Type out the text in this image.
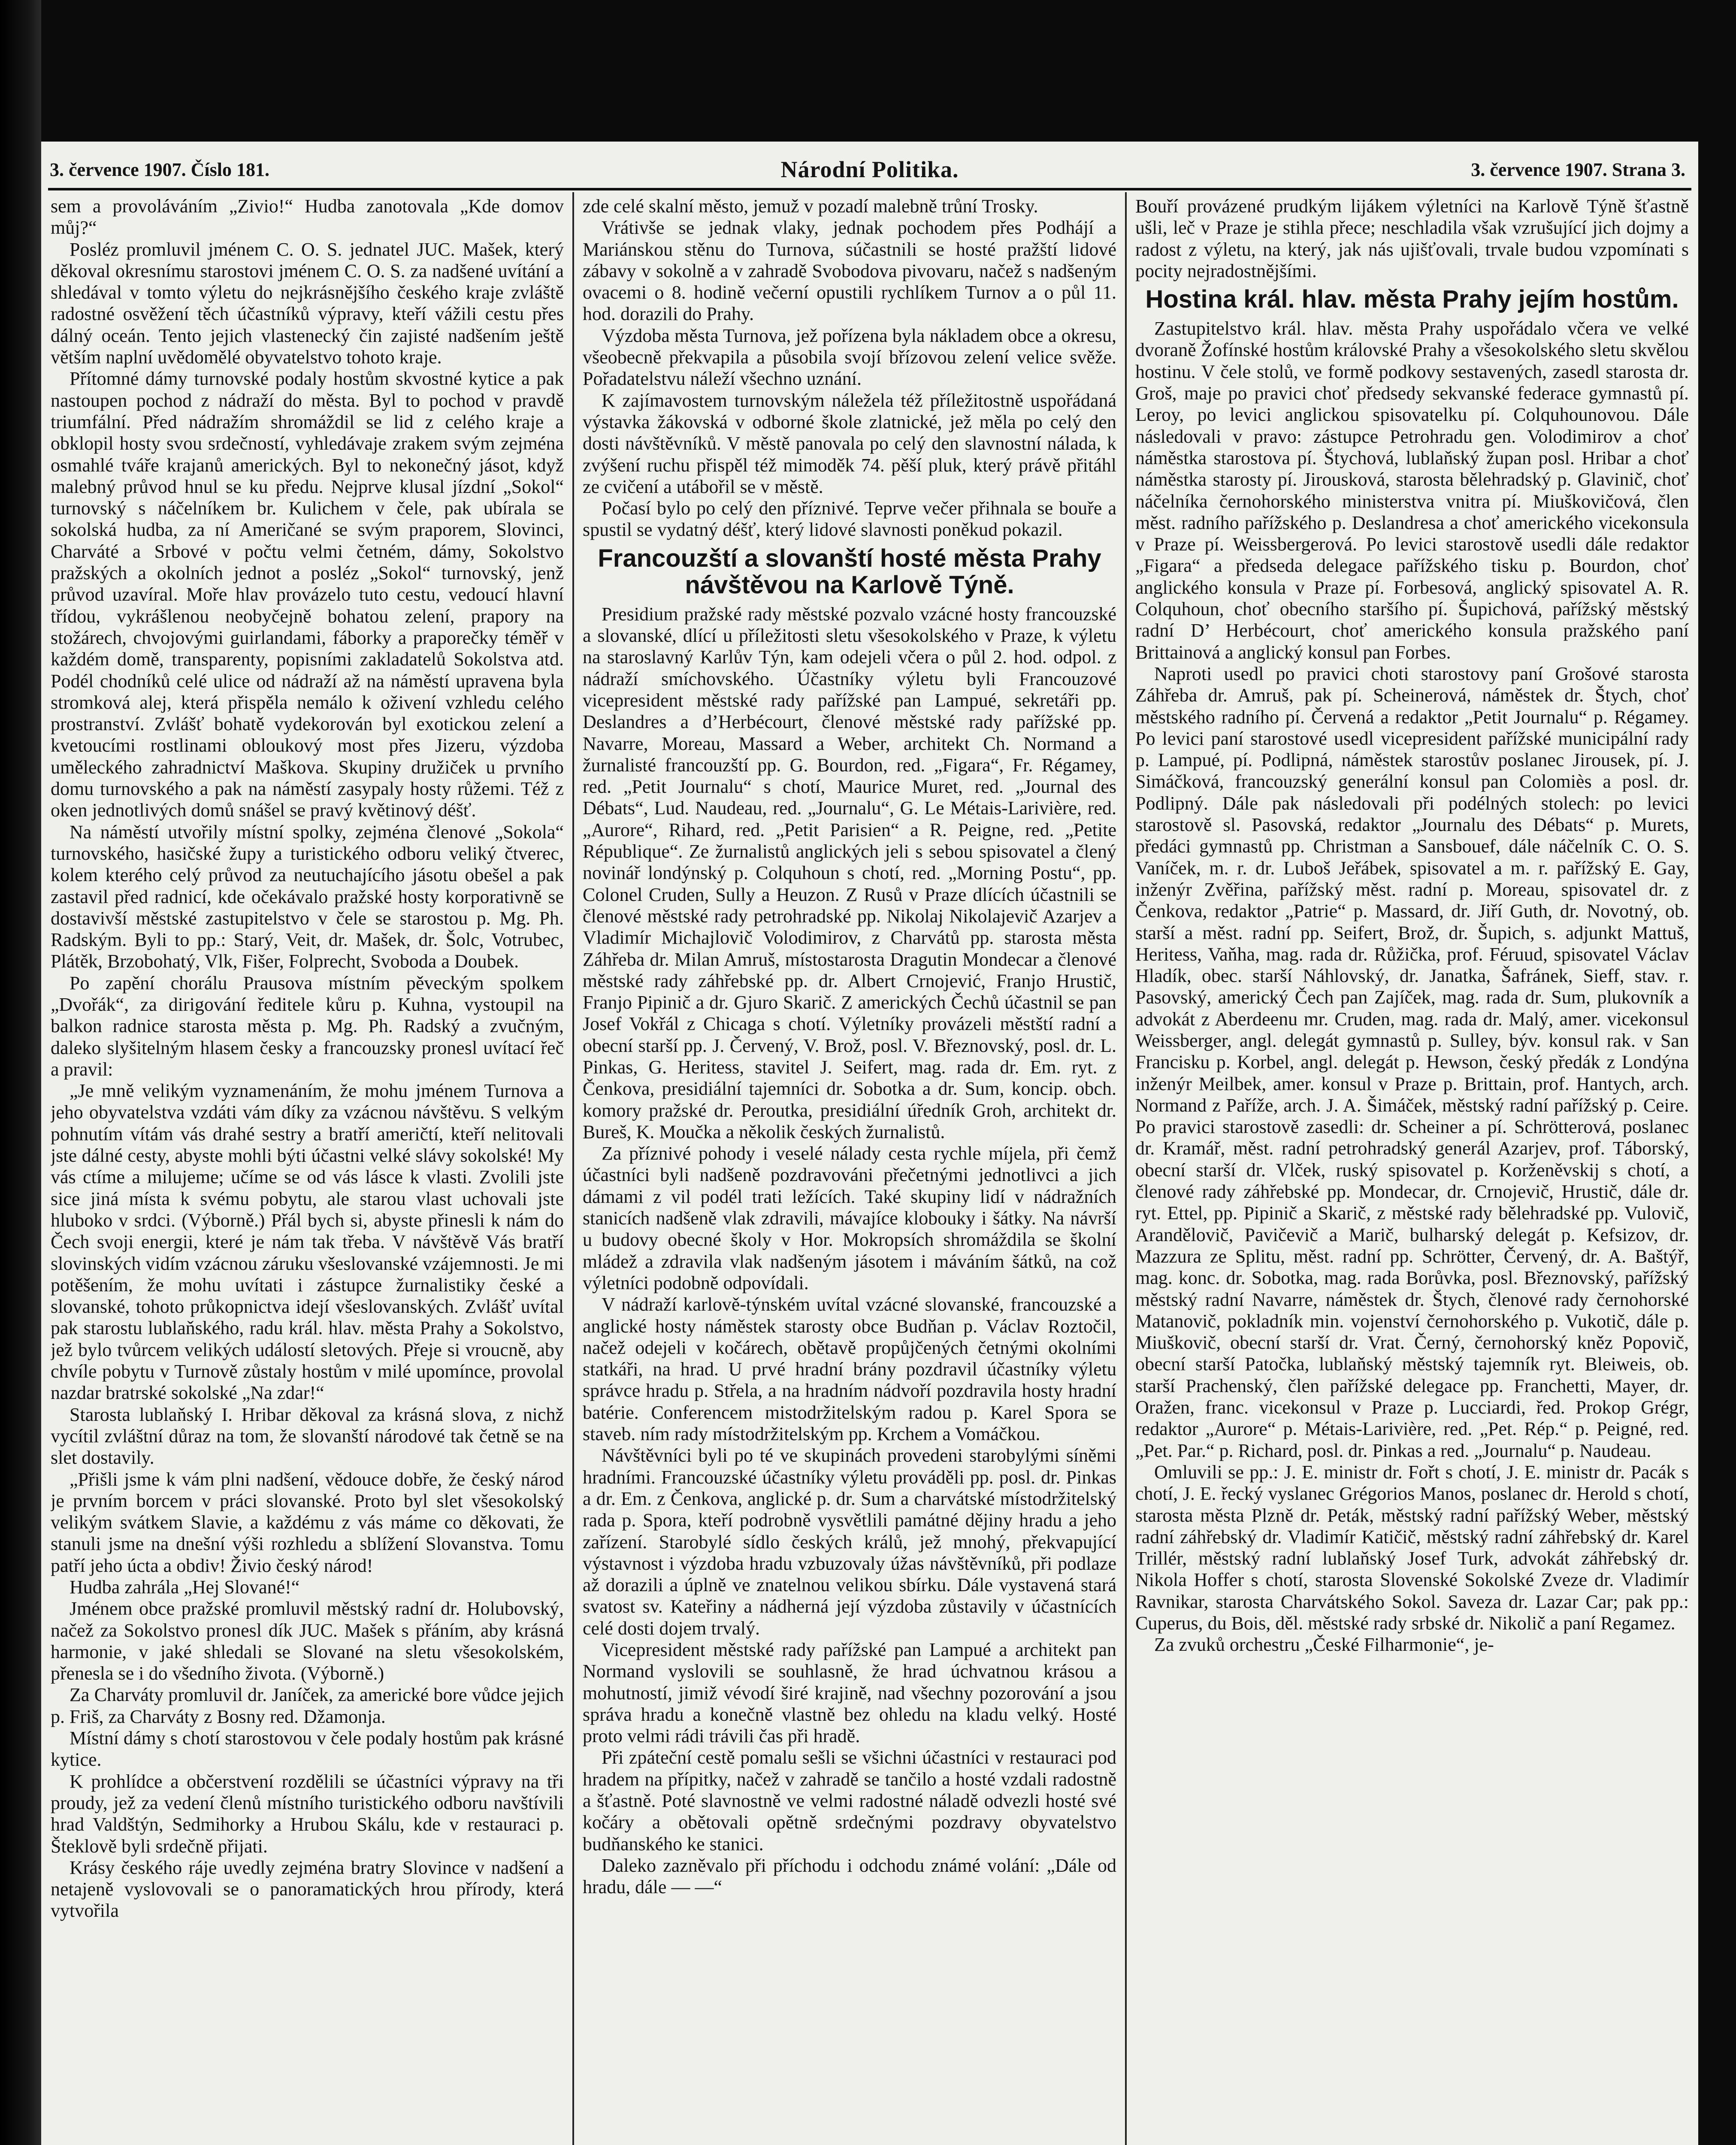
3. července 1907. Číslo 181.	Národní Politika.	3. července 1907. Strana 3.

sem a provoláváním „Zivio!“ Hudba zanotovala „Kde domov můj?“

Posléz promluvil jménem C. O. S. jednatel JUC. Mašek, který děkoval okresnímu starostovi jménem C. O. S. za nadšené uvítání a shledával v tomto výletu do nejkrásnějšího českého kraje zvláště radostné osvěžení těch účastníků výpravy, kteří vážili cestu přes dálný oceán. Tento jejich vlastenecký čin zajisté nadšením ještě větším naplní uvědomělé obyvatelstvo tohoto kraje.

Přítomné dámy turnovské podaly hostům skvostné kytice a pak nastoupen pochod z nádraží do města. Byl to pochod v pravdě triumfální. Před nádražím shromáždil se lid z celého kraje a obklopil hosty svou srdečností, vyhledávaje zrakem svým zejména osmahlé tváře krajanů amerických. Byl to nekonečný jásot, když malebný průvod hnul se ku předu. Nejprve klusal jízdní „Sokol“ turnovský s náčelníkem br. Kulichem v čele, pak ubírala se sokolská hudba, za ní Američané se svým praporem, Slovinci, Charváté a Srbové v počtu velmi četném, dámy, Sokolstvo pražských a okolních jednot a posléz „Sokol“ turnovský, jenž průvod uzavíral. Moře hlav provázelo tuto cestu, vedoucí hlavní třídou, vykrášlenou neobyčejně bohatou zelení, prapory na stožárech, chvojovými guirlandami, fáborky a praporečky téměř v každém domě, transparenty, popisními zakladatelů Sokolstva atd. Podél chodníků celé ulice od nádraží až na náměstí upravena byla stromková alej, která přispěla nemálo k oživení vzhledu celého prostranství. Zvlášť bohatě vydekorován byl exotickou zelení a kvetoucími rostlinami obloukový most přes Jizeru, výzdoba uměleckého zahradnictví Maškova. Skupiny družiček u prvního domu turnovského a pak na náměstí zasypaly hosty růžemi. Též z oken jednotlivých domů snášel se pravý květinový déšť.

Na náměstí utvořily místní spolky, zejména členové „Sokola“ turnovského, hasičské župy a turistického odboru veliký čtverec, kolem kterého celý průvod za neutuchajícího jásotu obešel a pak zastavil před radnicí, kde očekávalo pražské hosty korporativně se dostavivší městské zastupitelstvo v čele se starostou p. Mg. Ph. Radským. Byli to pp.: Starý, Veit, dr. Mašek, dr. Šolc, Votrubec, Plátěk, Brzobohatý, Vlk, Fišer, Folprecht, Svoboda a Doubek.

Po zapění chorálu Prausova místním pěveckým spolkem „Dvořák“, za dirigování ředitele kůru p. Kuhna, vystoupil na balkon radnice starosta města p. Mg. Ph. Radský a zvučným, daleko slyšitelným hlasem česky a francouzsky pronesl uvítací řeč a pravil:

„Je mně velikým vyznamenáním, že mohu jménem Turnova a jeho obyvatelstva vzdáti vám díky za vzácnou návštěvu. S velkým pohnutím vítám vás drahé sestry a bratří američtí, kteří nelitovali jste dálné cesty, abyste mohli býti účastni velké slávy sokolské! My vás ctíme a milujeme; učíme se od vás lásce k vlasti. Zvolili jste sice jiná místa k svému pobytu, ale starou vlast uchovali jste hluboko v srdci. (Výborně.) Přál bych si, abyste přinesli k nám do Čech svoji energii, které je nám tak třeba. V návštěvě Vás bratří slovinských vidím vzácnou záruku všeslovanské vzájemnosti. Je mi potěšením, že mohu uvítati i zástupce žurnalistiky české a slovanské, tohoto průkopnictva idejí všeslovanských. Zvlášť uvítal pak starostu lublaňského, radu král. hlav. města Prahy a Sokolstvo, jež bylo tvůrcem velikých událostí sletových. Přeje si vroucně, aby chvíle pobytu v Turnově zůstaly hostům v milé upomínce, provolal nazdar bratrské sokolské „Na zdar!“

Starosta lublaňský I. Hribar děkoval za krásná slova, z nichž vycítil zvláštní důraz na tom, že slovanští národové tak četně se na slet dostavily.

„Přišli jsme k vám plni nadšení, vědouce dobře, že český národ je prvním borcem v práci slovanské. Proto byl slet všesokolský velikým svátkem Slavie, a každému z vás máme co děkovati, že stanuli jsme na dnešní výši rozhledu a sblížení Slovanstva. Tomu patří jeho úcta a obdiv! Živio český národ!

Hudba zahrála „Hej Slované!“

Jménem obce pražské promluvil městský radní dr. Holubovský, načež za Sokolstvo pronesl dík JUC. Mašek s přáním, aby krásná harmonie, v jaké shledali se Slované na sletu všesokolském, přenesla se i do všedního života. (Výborně.)

Za Charváty promluvil dr. Janíček, za americké bore vůdce jejich p. Friš, za Charváty z Bosny red. Džamonja.

Místní dámy s chotí starostovou v čele podaly hostům pak krásné kytice.

K prohlídce a občerstvení rozdělili se účastníci výpravy na tři proudy, jež za vedení členů místního turistického odboru navštívili hrad Valdštýn, Sedmihorky a Hrubou Skálu, kde v restauraci p. Šteklově byli srdečně přijati.

Krásy českého ráje uvedly zejména bratry Slovince v nadšení a netajeně vyslovovali se o panoramatických hrou přírody, která vytvořila

zde celé skalní město, jemuž v pozadí malebně trůní Trosky.

Vrátivše se jednak vlaky, jednak pochodem přes Podhájí a Mariánskou stěnu do Turnova, súčastnili se hosté pražští lidové zábavy v sokolně a v zahradě Svobodova pivovaru, načež s nadšeným ovacemi o 8. hodině večerní opustili rychlíkem Turnov a o půl 11. hod. dorazili do Prahy.

Výzdoba města Turnova, jež pořízena byla nákladem obce a okresu, všeobecně překvapila a působila svojí břízovou zelení velice svěže. Pořadatelstvu náleží všechno uznání.

K zajímavostem turnovským náležela též příležitostně uspořádaná výstavka žákovská v odborné škole zlatnické, jež měla po celý den dosti návštěvníků. V městě panovala po celý den slavnostní nálada, k zvýšení ruchu přispěl též mimoděk 74. pěší pluk, který právě přitáhl ze cvičení a utábořil se v městě.

Počasí bylo po celý den příznivé. Teprve večer přihnala se bouře a spustil se vydatný déšť, který lidové slavnosti poněkud pokazil.

Francouzští a slovanští hosté města Prahy návštěvou na Karlově Týně.

Presidium pražské rady městské pozvalo vzácné hosty francouzské a slovanské, dlící u příležitosti sletu všesokolského v Praze, k výletu na staroslavný Karlův Týn, kam odejeli včera o půl 2. hod. odpol. z nádraží smíchovského. Účastníky výletu byli Francouzové vicepresident městské rady pařížské pan Lampué, sekretáři pp. Deslandres a d’Herbécourt, členové městské rady pařížské pp. Navarre, Moreau, Massard a Weber, architekt Ch. Normand a žurnalisté francouzští pp. G. Bourdon, red. „Figara“, Fr. Régamey, red. „Petit Journalu“ s chotí, Maurice Muret, red. „Journal des Débats“, Lud. Naudeau, red. „Journalu“, G. Le Métais-Larivière, red. „Aurore“, Rihard, red. „Petit Parisien“ a R. Peigne, red. „Petite République“. Ze žurnalistů anglických jeli s sebou spisovatel a člený novinář londýnský p. Colquhoun s chotí, red. „Morning Postu“, pp. Colonel Cruden, Sully a Heuzon. Z Rusů v Praze dlících účastnili se členové městské rady petrohradské pp. Nikolaj Nikolajevič Azarjev a Vladimír Michajlovič Volodimirov, z Charvátů pp. starosta města Záhřeba dr. Milan Amruš, místostarosta Dragutin Mondecar a členové městské rady záhřebské pp. dr. Albert Crnojević, Franjo Hrustič, Franjo Pipinič a dr. Gjuro Skarič. Z amerických Čechů účastnil se pan Josef Vokřál z Chicaga s chotí. Výletníky provázeli městští radní a obecní starší pp. J. Červený, V. Brož, posl. V. Březnovský, posl. dr. L. Pinkas, G. Heritess, stavitel J. Seifert, mag. rada dr. Em. ryt. z Čenkova, presidiální tajemníci dr. Sobotka a dr. Sum, koncip. obch. komory pražské dr. Peroutka, presidiální úředník Groh, architekt dr. Bureš, K. Moučka a několik českých žurnalistů.

Za příznivé pohody i veselé nálady cesta rychle míjela, při čemž účastníci byli nadšeně pozdravováni přečetnými jednotlivci a jich dámami z vil podél trati ležících. Také skupiny lidí v nádražních stanicích nadšeně vlak zdravili, mávajíce klobouky i šátky. Na návrší u budovy obecné školy v Hor. Mokropsích shromáždila se školní mládež a zdravila vlak nadšeným jásotem i máváním šátků, na což výletníci podobně odpovídali.

V nádraží karlově-týnském uvítal vzácné slovanské, francouzské a anglické hosty náměstek starosty obce Budňan p. Václav Roztočil, načež odejeli v kočárech, obětavě propůjčených četnými okolními statkáři, na hrad. U prvé hradní brány pozdravil účastníky výletu správce hradu p. Střela, a na hradním nádvoří pozdravila hosty hradní batérie. Conferencem mistodržitelským radou p. Karel Spora se staveb. ním rady místodržitelským pp. Krchem a Vomáčkou.

Návštěvníci byli po té ve skupinách provedeni starobylými síněmi hradními. Francouzské účastníky výletu prováděli pp. posl. dr. Pinkas a dr. Em. z Čenkova, anglické p. dr. Sum a charvátské místodržitelský rada p. Spora, kteří podrobně vysvětlili památné dějiny hradu a jeho zařízení. Starobylé sídlo českých králů, jež mnohý, překvapující výstavnost i výzdoba hradu vzbuzovaly úžas návštěvníků, při podlaze až dorazili a úplně ve znatelnou velikou sbírku. Dále vystavená stará svatost sv. Kateřiny a nádherná její výzdoba zůstavily v účastnících celé dosti dojem trvalý.

Vicepresident městské rady pařížské pan Lampué a architekt pan Normand vyslovili se souhlasně, že hrad úchvatnou krásou a mohutností, jimiž vévodí širé krajině, nad všechny pozorování a jsou správa hradu a konečně vlastně bez ohledu na kladu velký. Hosté proto velmi rádi trávili čas při hradě.

Při zpáteční cestě pomalu sešli se všichni účastníci v restauraci pod hradem na přípitky, načež v zahradě se tančilo a hosté vzdali radostně a šťastně. Poté slavnostně ve velmi radostné náladě odvezli hosté své kočáry a obětovali opětně srdečnými pozdravy obyvatelstvo budňanského ke stanici.

Daleko zazněvalo při příchodu i odchodu známé volání: „Dále od hradu, dále — —“

Bouří provázené prudkým lijákem výletníci na Karlově Týně šťastně ušli, leč v Praze je stihla přece; neschladila však vzrušující jich dojmy a radost z výletu, na který, jak nás ujišťovali, trvale budou vzpomínati s pocity nejradostnějšími.

Hostina král. hlav. města Prahy jejím hostům.

Zastupitelstvo král. hlav. města Prahy uspořádalo včera ve velké dvoraně Žofínské hostům královské Prahy a všesokolského sletu skvělou hostinu. V čele stolů, ve formě podkovy sestavených, zasedl starosta dr. Groš, maje po pravici choť předsedy sekvanské federace gymnastů pí. Leroy, po levici anglickou spisovatelku pí. Colquhounovou. Dále následovali v pravo: zástupce Petrohradu gen. Volodimirov a choť náměstka starostova pí. Štychová, lublaňský župan posl. Hribar a choť náměstka starosty pí. Jirousková, starosta bělehradský p. Glavinič, choť náčelníka černohorského ministerstva vnitra pí. Miuškovičová, člen měst. radního pařížského p. Deslandresa a choť amerického vicekonsula v Praze pí. Weissbergerová. Po levici starostově usedli dále redaktor „Figara“ a předseda delegace pařížského tisku p. Bourdon, choť anglického konsula v Praze pí. Forbesová, anglický spisovatel A. R. Colquhoun, choť obecního staršího pí. Šupichová, pařížský městský radní D’ Herbécourt, choť amerického konsula pražského paní Brittainová a anglický konsul pan Forbes.

Naproti usedl po pravici choti starostovy paní Grošové starosta Záhřeba dr. Amruš, pak pí. Scheinerová, náměstek dr. Štych, choť městského radního pí. Červená a redaktor „Petit Journalu“ p. Régamey. Po levici paní starostové usedl vicepresident pařížské municipální rady p. Lampué, pí. Podlipná, náměstek starostův poslanec Jirousek, pí. J. Simáčková, francouzský generální konsul pan Colomiès a posl. dr. Podlipný. Dále pak následovali při podélných stolech: po levici starostově sl. Pasovská, redaktor „Journalu des Débats“ p. Murets, předáci gymnastů pp. Christman a Sansbouef, dále náčelník C. O. S. Vaníček, m. r. dr. Luboš Jeřábek, spisovatel a m. r. pařížský E. Gay, inženýr Zvěřina, pařížský měst. radní p. Moreau, spisovatel dr. z Čenkova, redaktor „Patrie“ p. Massard, dr. Jiří Guth, dr. Novotný, ob. starší a měst. radní pp. Seifert, Brož, dr. Šupich, s. adjunkt Mattuš, Heritess, Vaňha, mag. rada dr. Růžička, prof. Féruud, spisovatel Václav Hladík, obec. starší Náhlovský, dr. Janatka, Šafránek, Sieff, stav. r. Pasovský, americký Čech pan Zajíček, mag. rada dr. Sum, plukovník a advokát z Aberdeenu mr. Cruden, mag. rada dr. Malý, amer. vicekonsul Weissberger, angl. delegát gymnastů p. Sulley, býv. konsul rak. v San Francisku p. Korbel, angl. delegát p. Hewson, český předák z Londýna inženýr Meilbek, amer. konsul v Praze p. Brittain, prof. Hantych, arch. Normand z Paříže, arch. J. A. Šimáček, městský radní pařížský p. Ceire. Po pravici starostově zasedli: dr. Scheiner a pí. Schrötterová, poslanec dr. Kramář, měst. radní petrohradský generál Azarjev, prof. Táborský, obecní starší dr. Vlček, ruský spisovatel p. Korženěvskij s chotí, a členové rady záhřebské pp. Mondecar, dr. Crnojevič, Hrustič, dále dr. ryt. Ettel, pp. Pipinič a Skarič, z městské rady bělehradské pp. Vulovič, Arandělovič, Pavičevič a Marič, bulharský delegát p. Kefsizov, dr. Mazzura ze Splitu, měst. radní pp. Schrötter, Červený, dr. A. Baštýř, mag. konc. dr. Sobotka, mag. rada Borůvka, posl. Březnovský, pařížský městský radní Navarre, náměstek dr. Štych, členové rady černohorské Matanovič, pokladník min. vojenství černohorského p. Vukotič, dále p. Miuškovič, obecní starší dr. Vrat. Černý, černohorský kněz Popovič, obecní starší Patočka, lublaňský městský tajemník ryt. Bleiweis, ob. starší Prachenský, člen pařížské delegace pp. Franchetti, Mayer, dr. Oražen, franc. vicekonsul v Praze p. Lucciardi, řed. Prokop Grégr, redaktor „Aurore“ p. Métais-Larivière, red. „Pet. Rép.“ p. Peigné, red. „Pet. Par.“ p. Richard, posl. dr. Pinkas a red. „Journalu“ p. Naudeau.

Omluvili se pp.: J. E. ministr dr. Fořt s chotí, J. E. ministr dr. Pacák s chotí, J. E. řecký vyslanec Grégorios Manos, poslanec dr. Herold s chotí, starosta města Plzně dr. Peták, městský radní pařížský Weber, městský radní záhřebský dr. Vladimír Katičič, městský radní záhřebský dr. Karel Trillér, městský radní lublaňský Josef Turk, advokát záhřebský dr. Nikola Hoffer s chotí, starosta Slovenské Sokolské Zveze dr. Vladimír Ravnikar, starosta Charvátského Sokol. Saveza dr. Lazar Car; pak pp.: Cuperus, du Bois, děl. městské rady srbské dr. Nikolič a paní Regamez.

Za zvuků orchestru „České Filharmonie“, je-
